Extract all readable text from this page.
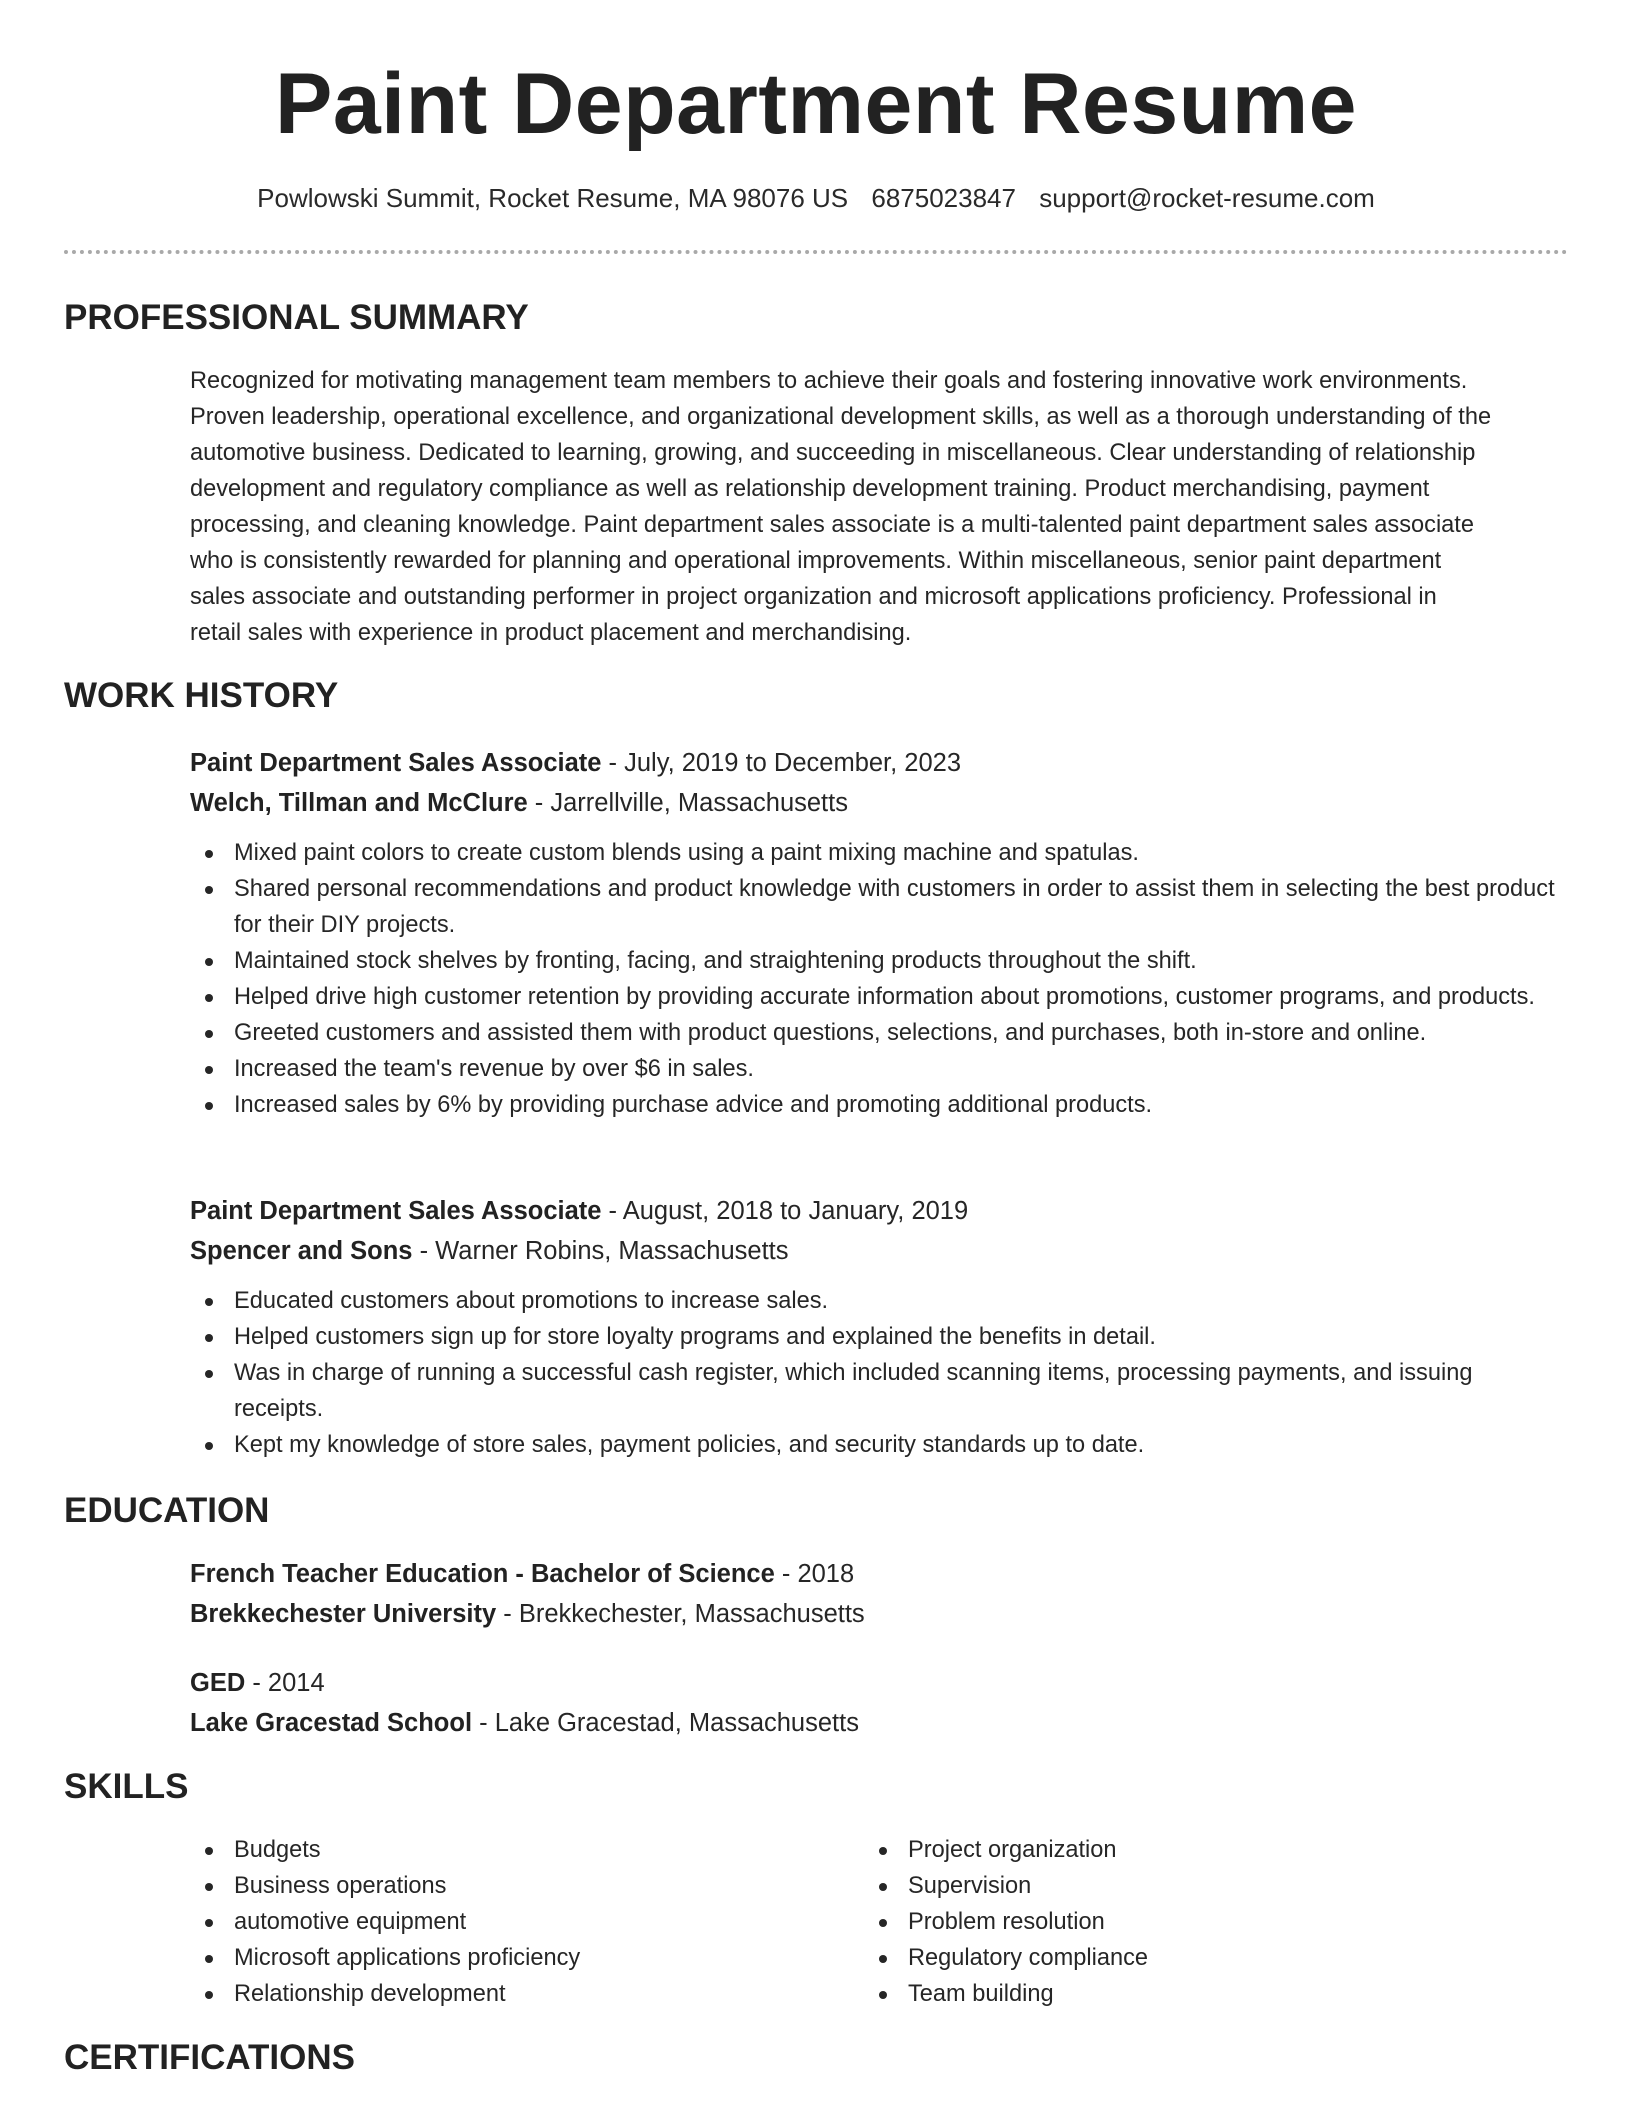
Paint Department Resume
Powlowski Summit, Rocket Resume, MA 98076 US 6875023847 support@rocket-resume.com
PROFESSIONAL SUMMARY
Recognized for motivating management team members to achieve their goals and fostering innovative work environments.
Proven leadership, operational excellence, and organizational development skills, as well as a thorough understanding of the
automotive business. Dedicated to learning, growing, and succeeding in miscellaneous. Clear understanding of relationship
development and regulatory compliance as well as relationship development training. Product merchandising, payment
processing, and cleaning knowledge. Paint department sales associate is a multi-talented paint department sales associate
who is consistently rewarded for planning and operational improvements. Within miscellaneous, senior paint department
sales associate and outstanding performer in project organization and microsoft applications proficiency. Professional in
retail sales with experience in product placement and merchandising.
WORK HISTORY
Paint Department Sales Associate - July, 2019 to December, 2023
Welch, Tillman and McClure - Jarrellville, Massachusetts
Mixed paint colors to create custom blends using a paint mixing machine and spatulas.
Shared personal recommendations and product knowledge with customers in order to assist them in selecting the best product for their DIY projects.
Maintained stock shelves by fronting, facing, and straightening products throughout the shift.
Helped drive high customer retention by providing accurate information about promotions, customer programs, and products.
Greeted customers and assisted them with product questions, selections, and purchases, both in-store and online.
Increased the team's revenue by over $6 in sales.
Increased sales by 6% by providing purchase advice and promoting additional products.
Paint Department Sales Associate - August, 2018 to January, 2019
Spencer and Sons - Warner Robins, Massachusetts
Educated customers about promotions to increase sales.
Helped customers sign up for store loyalty programs and explained the benefits in detail.
Was in charge of running a successful cash register, which included scanning items, processing payments, and issuing receipts.
Kept my knowledge of store sales, payment policies, and security standards up to date.
EDUCATION
French Teacher Education - Bachelor of Science - 2018
Brekkechester University - Brekkechester, Massachusetts
GED - 2014
Lake Gracestad School - Lake Gracestad, Massachusetts
SKILLS
Budgets
Business operations
automotive equipment
Microsoft applications proficiency
Relationship development
Project organization
Supervision
Problem resolution
Regulatory compliance
Team building
CERTIFICATIONS
